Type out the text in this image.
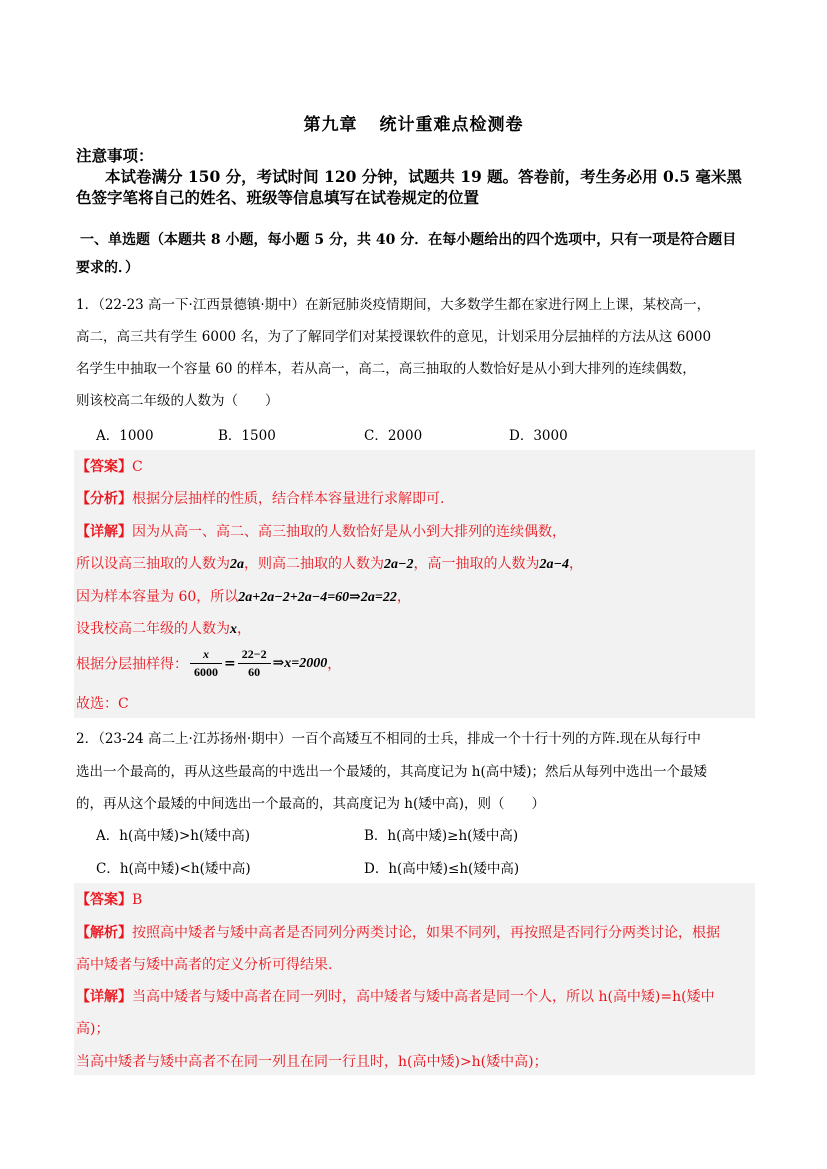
第九章 统计重难点检测卷
注意事项：
本试卷满分 150 分，考试时间 120 分钟，试题共 19 题。答卷前，考生务必用 0.5 毫米黑
色签字笔将自己的姓名、班级等信息填写在试卷规定的位置
一、单选题（本题共 8 小题，每小题 5 分，共 40 分．在每小题给出的四个选项中，只有一项是符合题目
要求的．）
1．（22-23 高一下·江西景德镇·期中）在新冠肺炎疫情期间，大多数学生都在家进行网上上课，某校高一，
高二，高三共有学生 6000 名，为了了解同学们对某授课软件的意见，计划采用分层抽样的方法从这 6000
名学生中抽取一个容量 60 的样本，若从高一，高二，高三抽取的人数恰好是从小到大排列的连续偶数，
则该校高二年级的人数为（　　）
A．1000	B．1500	C．2000	D．3000
【答案】C
【分析】根据分层抽样的性质，结合样本容量进行求解即可.
【详解】因为从高一、高二、高三抽取的人数恰好是从小到大排列的连续偶数，
所以设高三抽取的人数为2a，则高二抽取的人数为2a−2，高一抽取的人数为2a−4，
因为样本容量为 60，所以2a+2a−2+2a−4=60⇒2a=22，
设我校高二年级的人数为x，
根据分层抽样得： $\frac{x}{6000} = \frac{22-2}{60}$ ⇒x=2000，
故选：C
2．（23-24 高二上·江苏扬州·期中）一百个高矮互不相同的士兵，排成一个十行十列的方阵.现在从每行中
选出一个最高的，再从这些最高的中选出一个最矮的，其高度记为 h(高中矮)；然后从每列中选出一个最矮
的，再从这个最矮的中间选出一个最高的，其高度记为 h(矮中高)，则（　　）
A．h(高中矮)>h(矮中高)	B．h(高中矮)≥h(矮中高)
C．h(高中矮)<h(矮中高)	D．h(高中矮)≤h(矮中高)
【答案】B
【解析】按照高中矮者与矮中高者是否同列分两类讨论，如果不同列，再按照是否同行分两类讨论，根据
高中矮者与矮中高者的定义分析可得结果.
【详解】当高中矮者与矮中高者在同一列时，高中矮者与矮中高者是同一个人，所以 h(高中矮)=h(矮中
高)；
当高中矮者与矮中高者不在同一列且在同一行且时，h(高中矮)>h(矮中高)；
